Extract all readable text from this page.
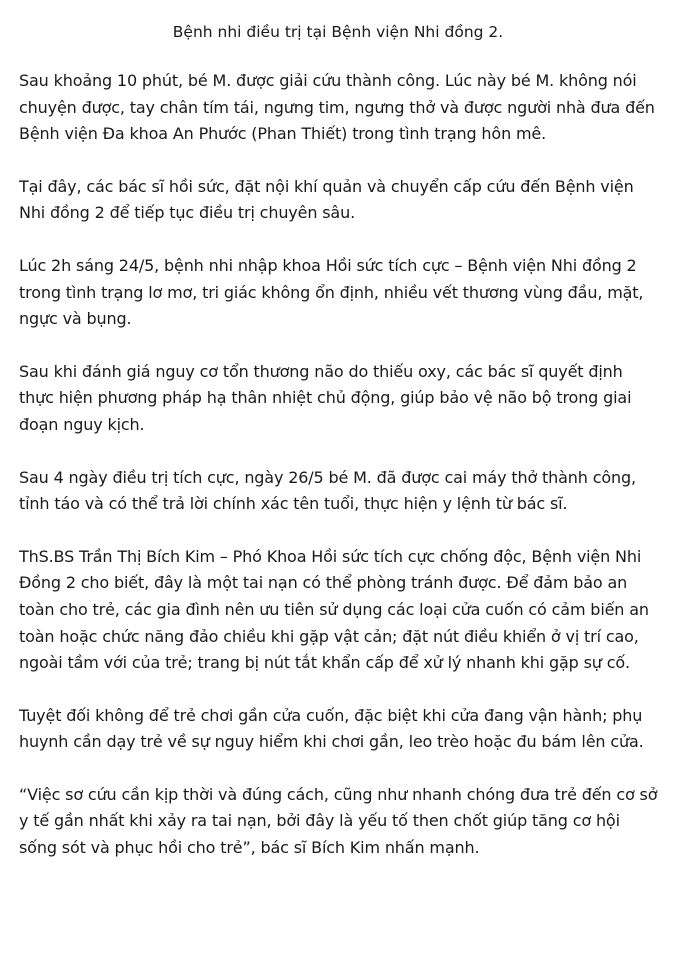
Bệnh nhi điều trị tại Bệnh viện Nhi đồng 2.

Sau khoảng 10 phút, bé M. được giải cứu thành công. Lúc này bé M. không nói chuyện được, tay chân tím tái, ngưng tim, ngưng thở và được người nhà đưa đến Bệnh viện Đa khoa An Phước (Phan Thiết) trong tình trạng hôn mê.

Tại đây, các bác sĩ hồi sức, đặt nội khí quản và chuyển cấp cứu đến Bệnh viện Nhi đồng 2 để tiếp tục điều trị chuyên sâu.

Lúc 2h sáng 24/5, bệnh nhi nhập khoa Hồi sức tích cực – Bệnh viện Nhi đồng 2 trong tình trạng lơ mơ, tri giác không ổn định, nhiều vết thương vùng đầu, mặt, ngực và bụng.

Sau khi đánh giá nguy cơ tổn thương não do thiếu oxy, các bác sĩ quyết định thực hiện phương pháp hạ thân nhiệt chủ động, giúp bảo vệ não bộ trong giai đoạn nguy kịch.

Sau 4 ngày điều trị tích cực, ngày 26/5 bé M. đã được cai máy thở thành công, tỉnh táo và có thể trả lời chính xác tên tuổi, thực hiện y lệnh từ bác sĩ.

ThS.BS Trần Thị Bích Kim – Phó Khoa Hồi sức tích cực chống độc, Bệnh viện Nhi Đồng 2 cho biết, đây là một tai nạn có thể phòng tránh được. Để đảm bảo an toàn cho trẻ, các gia đình nên ưu tiên sử dụng các loại cửa cuốn có cảm biến an toàn hoặc chức năng đảo chiều khi gặp vật cản; đặt nút điều khiển ở vị trí cao, ngoài tầm với của trẻ; trang bị nút tắt khẩn cấp để xử lý nhanh khi gặp sự cố.

Tuyệt đối không để trẻ chơi gần cửa cuốn, đặc biệt khi cửa đang vận hành; phụ huynh cần dạy trẻ về sự nguy hiểm khi chơi gần, leo trèo hoặc đu bám lên cửa.

“Việc sơ cứu cần kịp thời và đúng cách, cũng như nhanh chóng đưa trẻ đến cơ sở y tế gần nhất khi xảy ra tai nạn, bởi đây là yếu tố then chốt giúp tăng cơ hội sống sót và phục hồi cho trẻ”, bác sĩ Bích Kim nhấn mạnh.
